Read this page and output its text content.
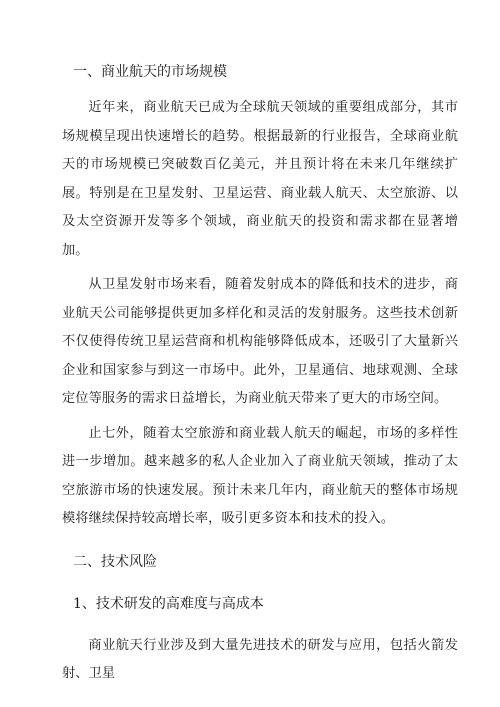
一、商业航天的市场规模

近年来，商业航天已成为全球航天领域的重要组成部分，其市场规模呈现出快速增长的趋势。根据最新的行业报告，全球商业航天的市场规模已突破数百亿美元，并且预计将在未来几年继续扩展。特别是在卫星发射、卫星运营、商业载人航天、太空旅游、以及太空资源开发等多个领域，商业航天的投资和需求都在显著增加。

从卫星发射市场来看，随着发射成本的降低和技术的进步，商业航天公司能够提供更加多样化和灵活的发射服务。这些技术创新不仅使得传统卫星运营商和机构能够降低成本，还吸引了大量新兴企业和国家参与到这一市场中。此外，卫星通信、地球观测、全球定位等服务的需求日益增长，为商业航天带来了更大的市场空间。

止七外，随着太空旅游和商业载人航天的崛起，市场的多样性进一步增加。越来越多的私人企业加入了商业航天领域，推动了太空旅游市场的快速发展。预计未来几年内，商业航天的整体市场规模将继续保持较高增长率，吸引更多资本和技术的投入。

二、技术风险
1、技术研发的高难度与高成本

商业航天行业涉及到大量先进技术的研发与应用，包括火箭发射、卫星
